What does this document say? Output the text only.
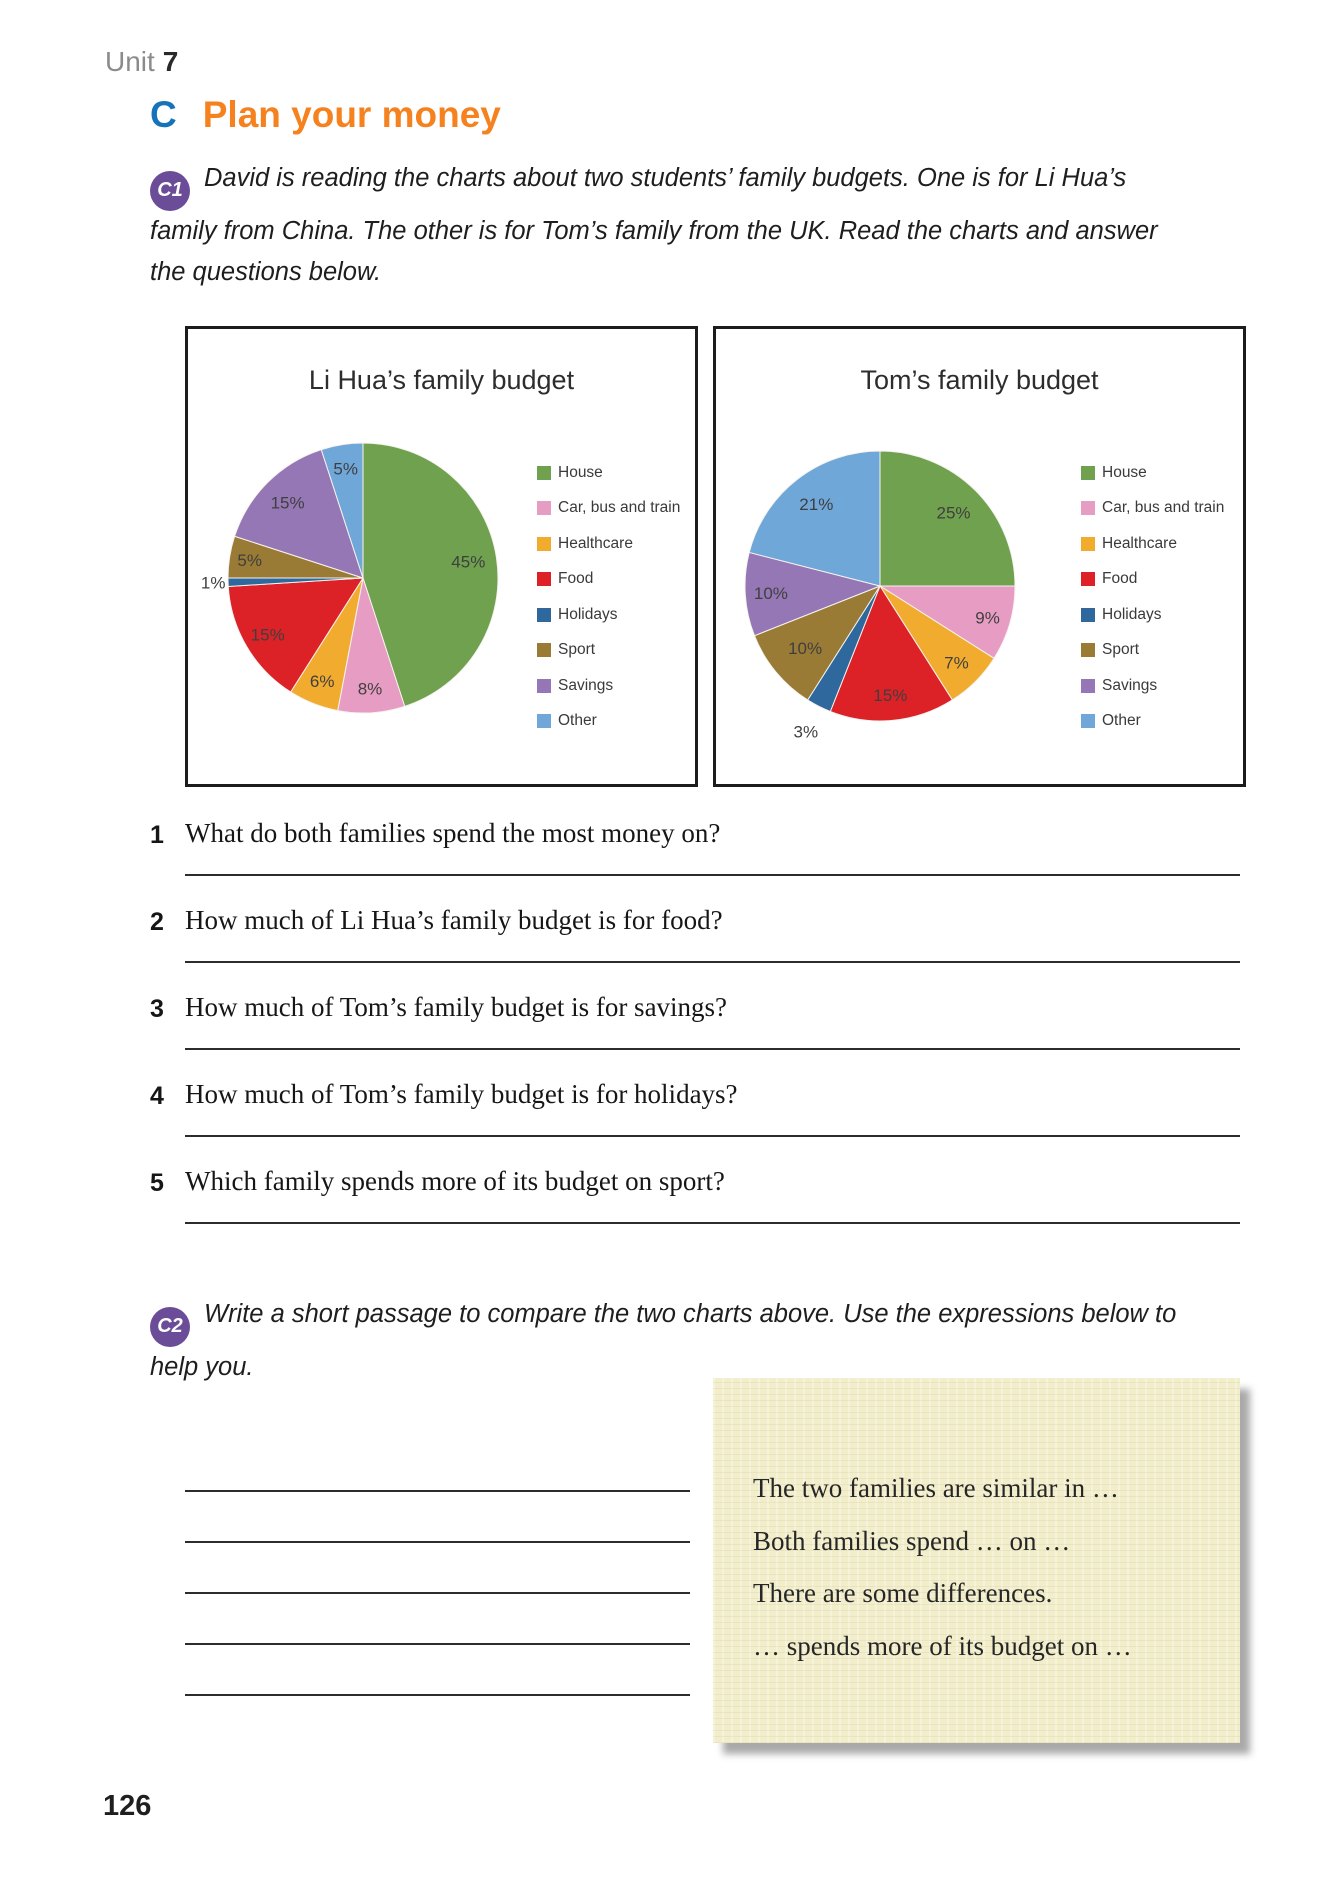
Unit 7
C Plan your money

C1 David is reading the charts about two students’ family budgets. One is for Li Hua’s family from China. The other is for Tom’s family from the UK. Read the charts and answer the questions below.

Li Hua’s family budget
45%
8%
6%
15%
1%
5%
15%
5%	House
Car, bus and train
Healthcare
Food
Holidays
Sport
Savings
Other
Tom’s family budget
25%
9%
7%
15%
3%
10%
10%
21%
House
Car, bus and train
Healthcare
Food
Holidays
Sport
Savings
Other
1 What do both families spend the most money on?
2 How much of Li Hua’s family budget is for food?
3 How much of Tom’s family budget is for savings?
4 How much of Tom’s family budget is for holidays?
5 Which family spends more of its budget on sport?

C2 Write a short passage to compare the two charts above. Use the expressions below to help you.

The two families are similar in …

Both families spend … on …

There are some differences.

… spends more of its budget on …

126
